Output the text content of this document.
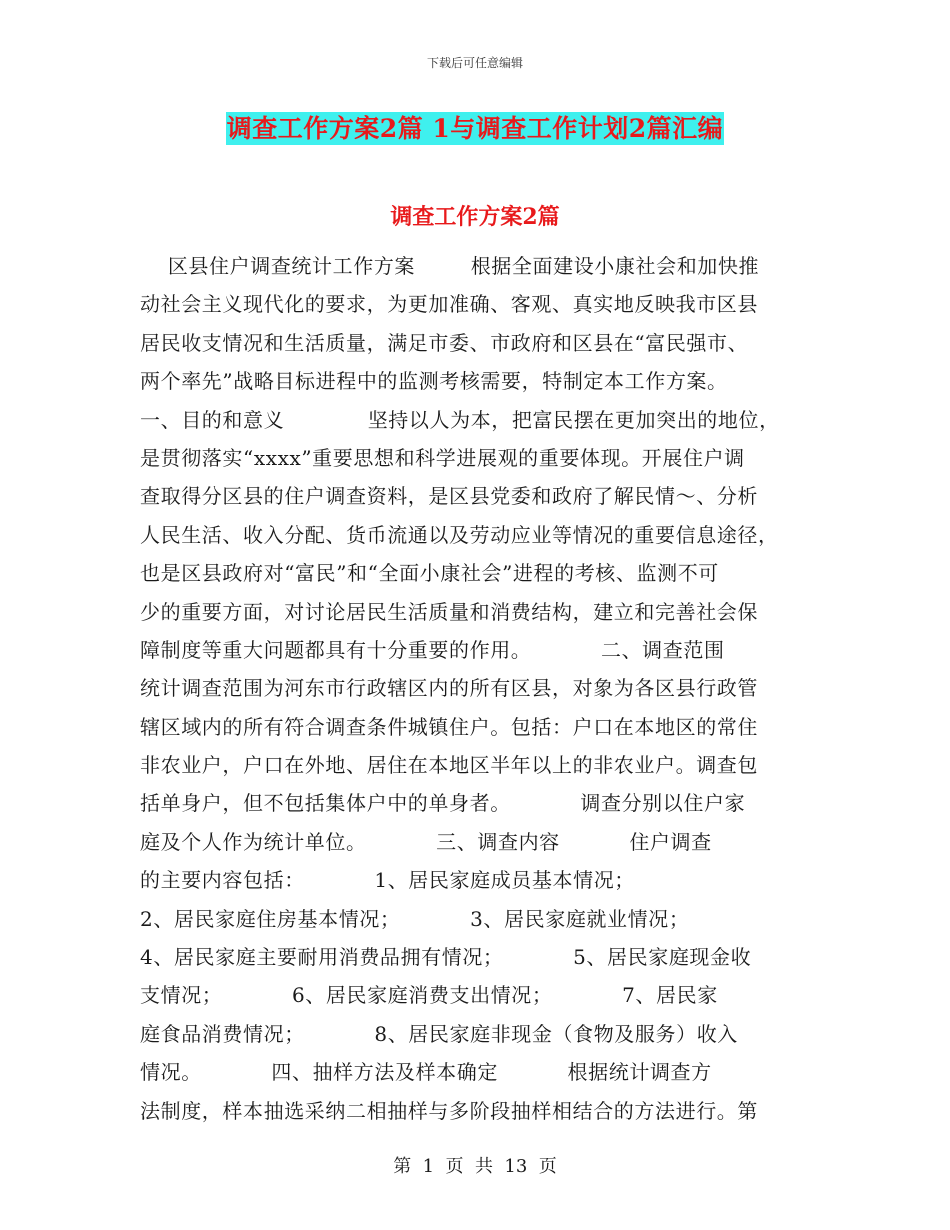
下载后可任意编辑
调查工作方案2篇 1与调查工作计划2篇汇编
调查工作方案2篇
区县住户调查统计工作方案        根据全面建设小康社会和加快推
动社会主义现代化的要求，为更加准确、客观、真实地反映我市区县
居民收支情况和生活质量，满足市委、市政府和区县在“富民强市、
两个率先”战略目标进程中的监测考核需要，特制定本工作方案。
一、目的和意义            坚持以人为本，把富民摆在更加突出的地位，
是贯彻落实“xxxx”重要思想和科学进展观的重要体现。开展住户调
查取得分区县的住户调查资料，是区县党委和政府了解民情～、分析
人民生活、收入分配、货币流通以及劳动应业等情况的重要信息途径，
也是区县政府对“富民”和“全面小康社会”进程的考核、监测不可
少的重要方面，对讨论居民生活质量和消费结构，建立和完善社会保
障制度等重大问题都具有十分重要的作用。          二、调查范围
统计调查范围为河东市行政辖区内的所有区县，对象为各区县行政管
辖区域内的所有符合调查条件城镇住户。包括：户口在本地区的常住
非农业户，户口在外地、居住在本地区半年以上的非农业户。调查包
括单身户，但不包括集体户中的单身者。          调查分别以住户家
庭及个人作为统计单位。          三、调查内容          住户调查
的主要内容包括：          1、居民家庭成员基本情况；
2、居民家庭住房基本情况；          3、居民家庭就业情况；
4、居民家庭主要耐用消费品拥有情况；          5、居民家庭现金收
支情况；          6、居民家庭消费支出情况；          7、居民家
庭食品消费情况；          8、居民家庭非现金（食物及服务）收入
情况。          四、抽样方法及样本确定          根据统计调查方
法制度，样本抽选采纳二相抽样与多阶段抽样相结合的方法进行。第
第  1  页  共  13  页
